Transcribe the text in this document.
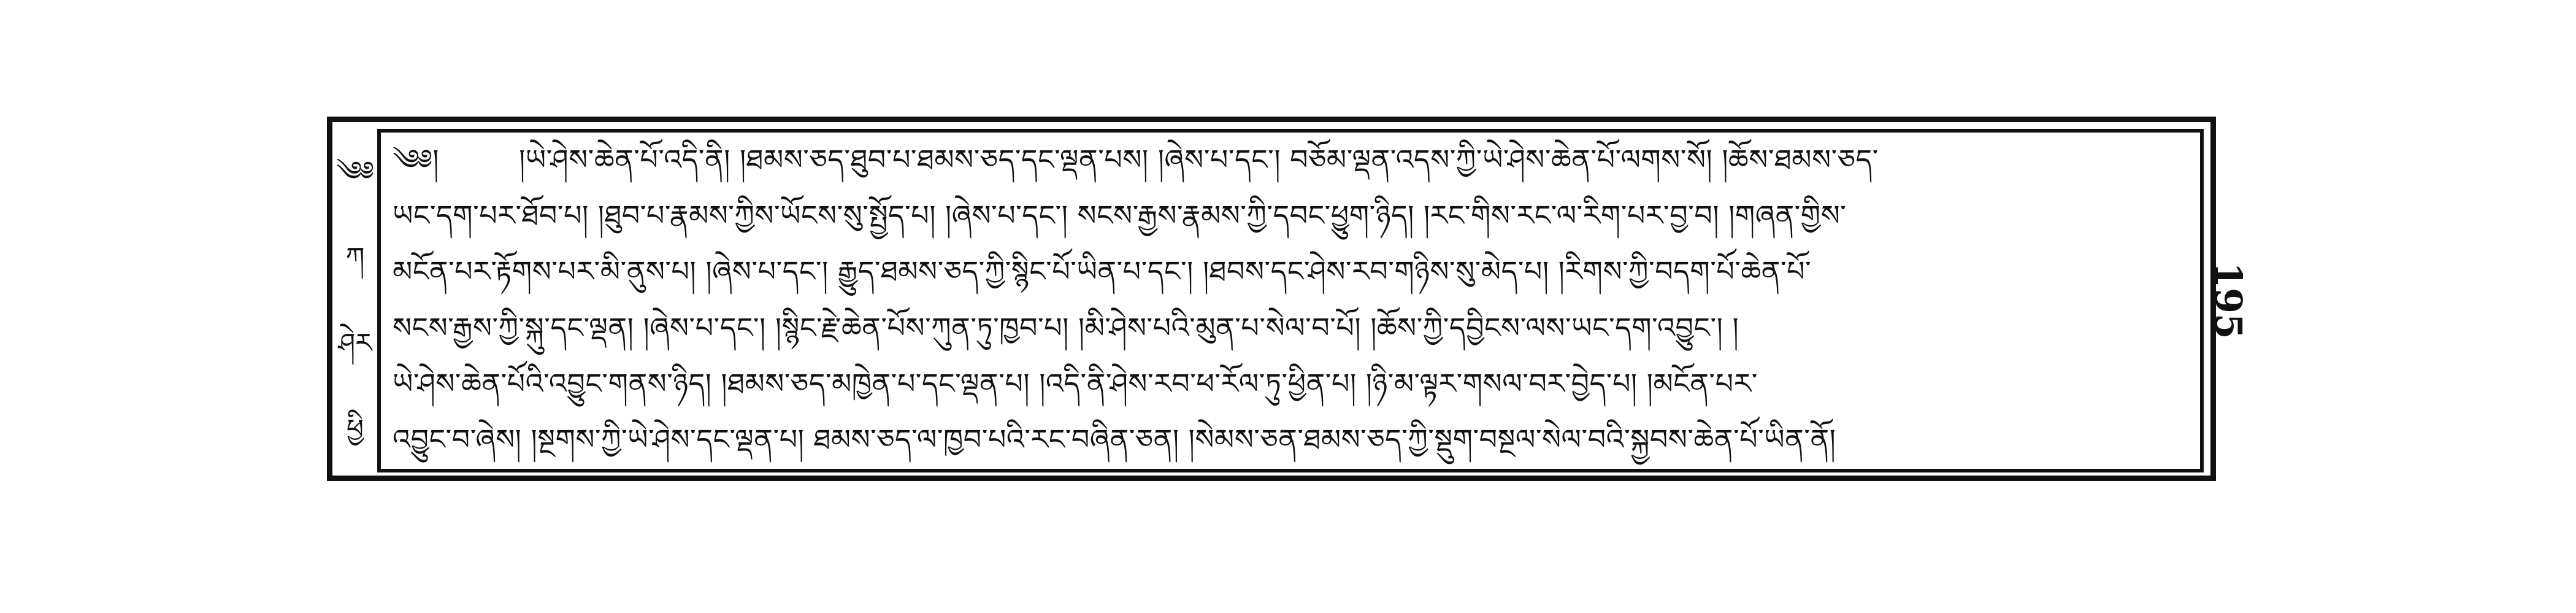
༄༅
ཀ
ཤེར
ཕྱི
༄༅།	།ཡེ་ཤེས་ཆེན་པོ་འདི་ནི། །ཐམས་ཅད་ཐུབ་པ་ཐམས་ཅད་དང་ལྡན་པས། །ཞེས་པ་དང་། བཅོམ་ལྡན་འདས་ཀྱི་ཡེ་ཤེས་ཆེན་པོ་ལགས་སོ། །ཆོས་ཐམས་ཅད་
ཡང་དག་པར་ཐོབ་པ། །ཐུབ་པ་རྣམས་ཀྱིས་ཡོངས་སུ་སྤྱོད་པ། །ཞེས་པ་དང་། སངས་རྒྱས་རྣམས་ཀྱི་དབང་ཕྱུག་ཉིད། །རང་གིས་རང་ལ་རིག་པར་བྱ་བ། །གཞན་གྱིས་
མངོན་པར་རྟོགས་པར་མི་ནུས་པ། །ཞེས་པ་དང་། རྒྱུད་ཐམས་ཅད་ཀྱི་སྙིང་པོ་ཡིན་པ་དང་། །ཐབས་དང་ཤེས་རབ་གཉིས་སུ་མེད་པ། །རིགས་ཀྱི་བདག་པོ་ཆེན་པོ་
སངས་རྒྱས་ཀྱི་སྐུ་དང་ལྡན། །ཞེས་པ་དང་། །སྙིང་རྗེ་ཆེན་པོས་ཀུན་ཏུ་ཁྱབ་པ། །མི་ཤེས་པའི་མུན་པ་སེལ་བ་པོ། །ཆོས་ཀྱི་དབྱིངས་ལས་ཡང་དག་འབྱུང་། །
ཡེ་ཤེས་ཆེན་པོའི་འབྱུང་གནས་ཉིད། །ཐམས་ཅད་མཁྱེན་པ་དང་ལྡན་པ། །འདི་ནི་ཤེས་རབ་ཕ་རོལ་ཏུ་ཕྱིན་པ། །ཉི་མ་ལྟར་གསལ་བར་བྱེད་པ། །མངོན་པར་
འབྱུང་བ་ཞེས། །སྔགས་ཀྱི་ཡེ་ཤེས་དང་ལྡན་པ། ཐམས་ཅད་ལ་ཁྱབ་པའི་རང་བཞིན་ཅན། །སེམས་ཅན་ཐམས་ཅད་ཀྱི་སྡུག་བསྔལ་སེལ་བའི་སྐྱབས་ཆེན་པོ་ཡིན་ནོ།
195
